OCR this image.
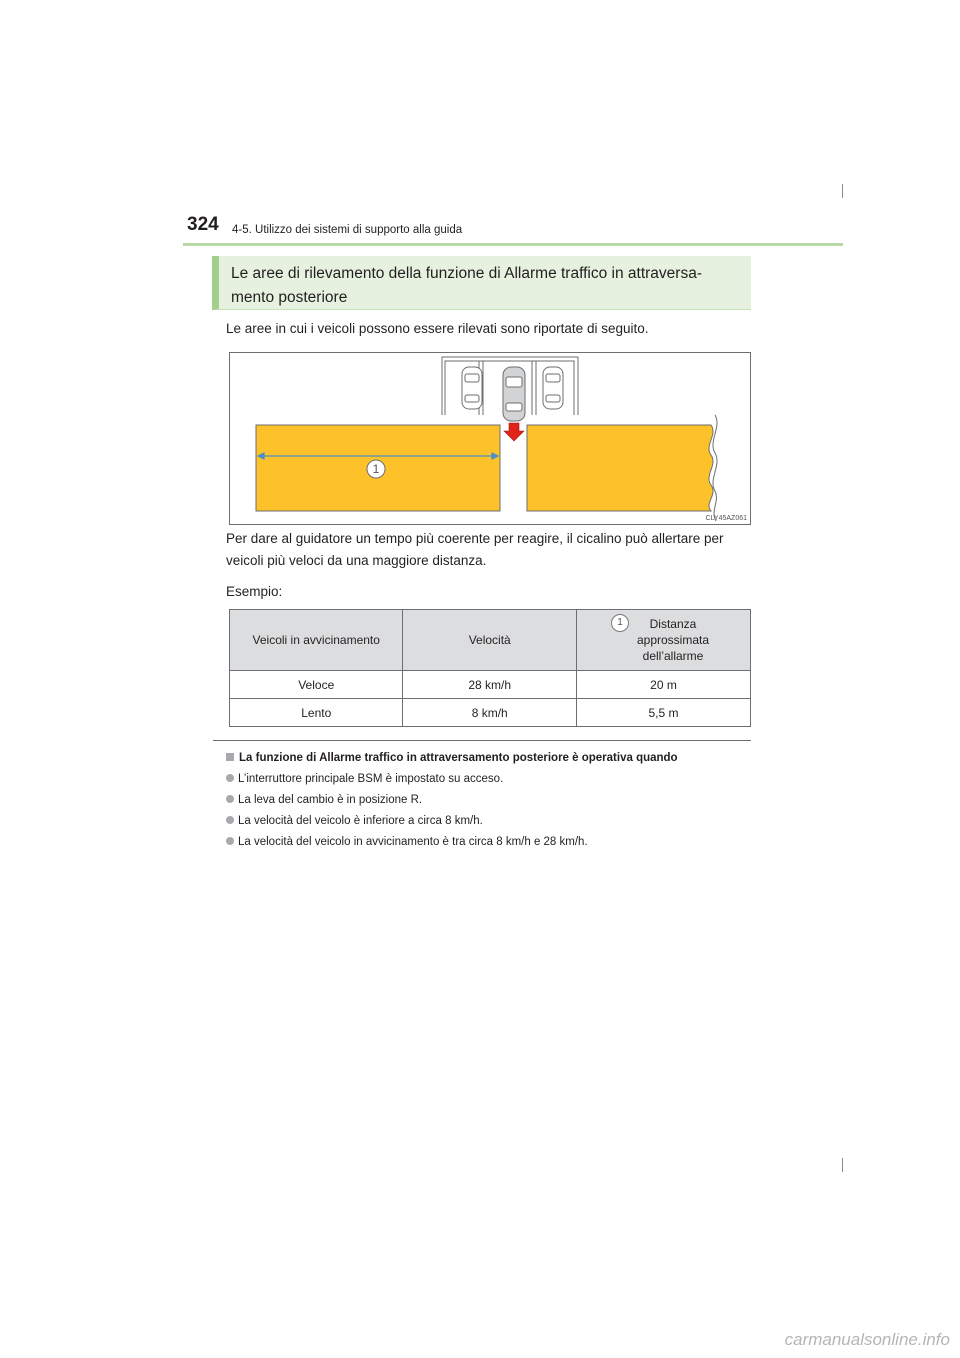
324 4-5. Utilizzo dei sistemi di supporto alla guida
Le aree di rilevamento della funzione di Allarme traffico in attraversa-mento posteriore
Le aree in cui i veicoli possono essere rilevati sono riportate di seguito.
1
CLY45AZ061
Per dare al guidatore un tempo più coerente per reagire, il cicalino può allertare per veicoli più veloci da una maggiore distanza.
Esempio:
Veicoli in avvicinamento	Velocità	1 Distanza
approssimata
dell’allarme

Veloce	28 km/h	20 m
Lento	8 km/h	5,5 m
La funzione di Allarme traffico in attraversamento posteriore è operativa quando
L’interruttore principale BSM è impostato su acceso.
La leva del cambio è in posizione R.
La velocità del veicolo è inferiore a circa 8 km/h.
La velocità del veicolo in avvicinamento è tra circa 8 km/h e 28 km/h.
carmanualsonline.info
